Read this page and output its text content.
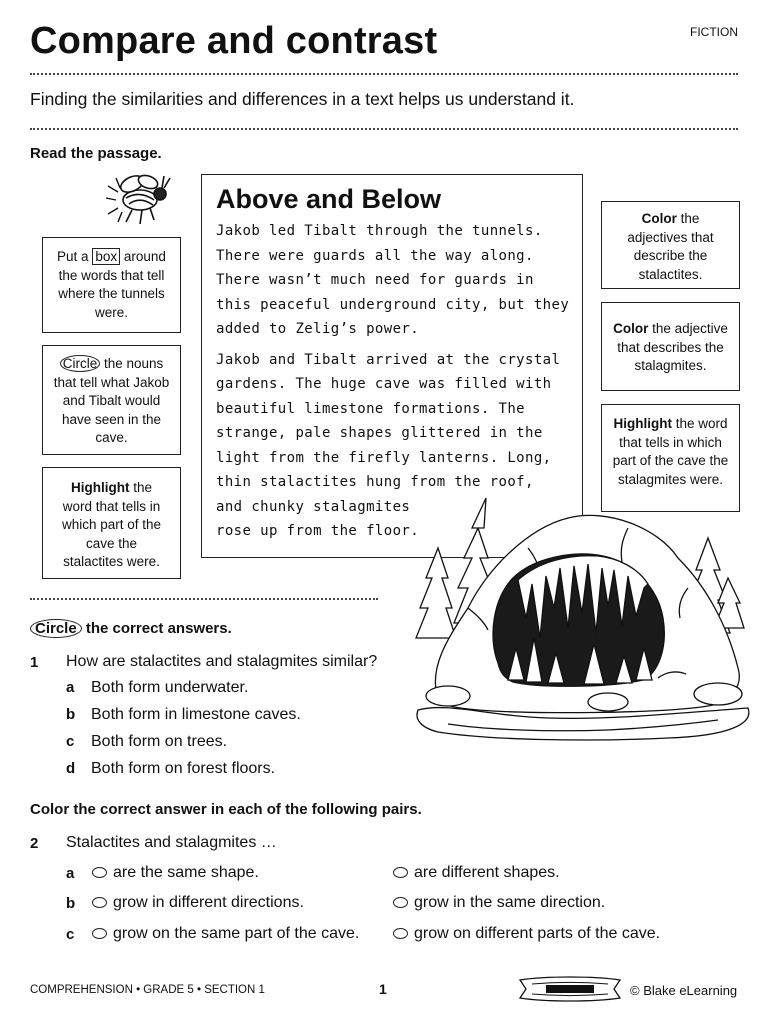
Compare and contrast	FICTION
Finding the similarities and differences in a text helps us understand it.
Read the passage.
Put a box around the words that tell where the tunnels were.
Circle the nouns that tell what Jakob and Tibalt would have seen in the cave.
Highlight the word that tells in which part of the cave the stalactites were.
Above and Below

Jakob led Tibalt through the tunnels. There were guards all the way along. There wasn’t much need for guards in this peaceful underground city, but they added to Zelig’s power.

Jakob and Tibalt arrived at the crystal
gardens. The huge cave was filled with
beautiful limestone formations. The
strange, pale shapes glittered in the
light from the firefly lanterns. Long,
thin stalactites hung from the roof,
and chunky stalagmites
rose up from the floor.

Color the adjectives that describe the stalactites.
Color the adjective that describes the stalagmites.
Highlight the word that tells in which part of the cave the stalagmites were.
Circle the correct answers.
1 How are stalactites and stalagmites similar?
a Both form underwater.
b Both form in limestone caves.
c Both form on trees.
d Both form on forest floors.
Color the correct answer in each of the following pairs.
2 Stalactites and stalagmites …
a	are the same shape.	are different shapes.
b	grow in different directions.	grow in the same direction.
c	grow on the same part of the cave.	grow on different parts of the cave.
COMPREHENSION • GRADE 5 • SECTION 1	1	© Blake eLearning
